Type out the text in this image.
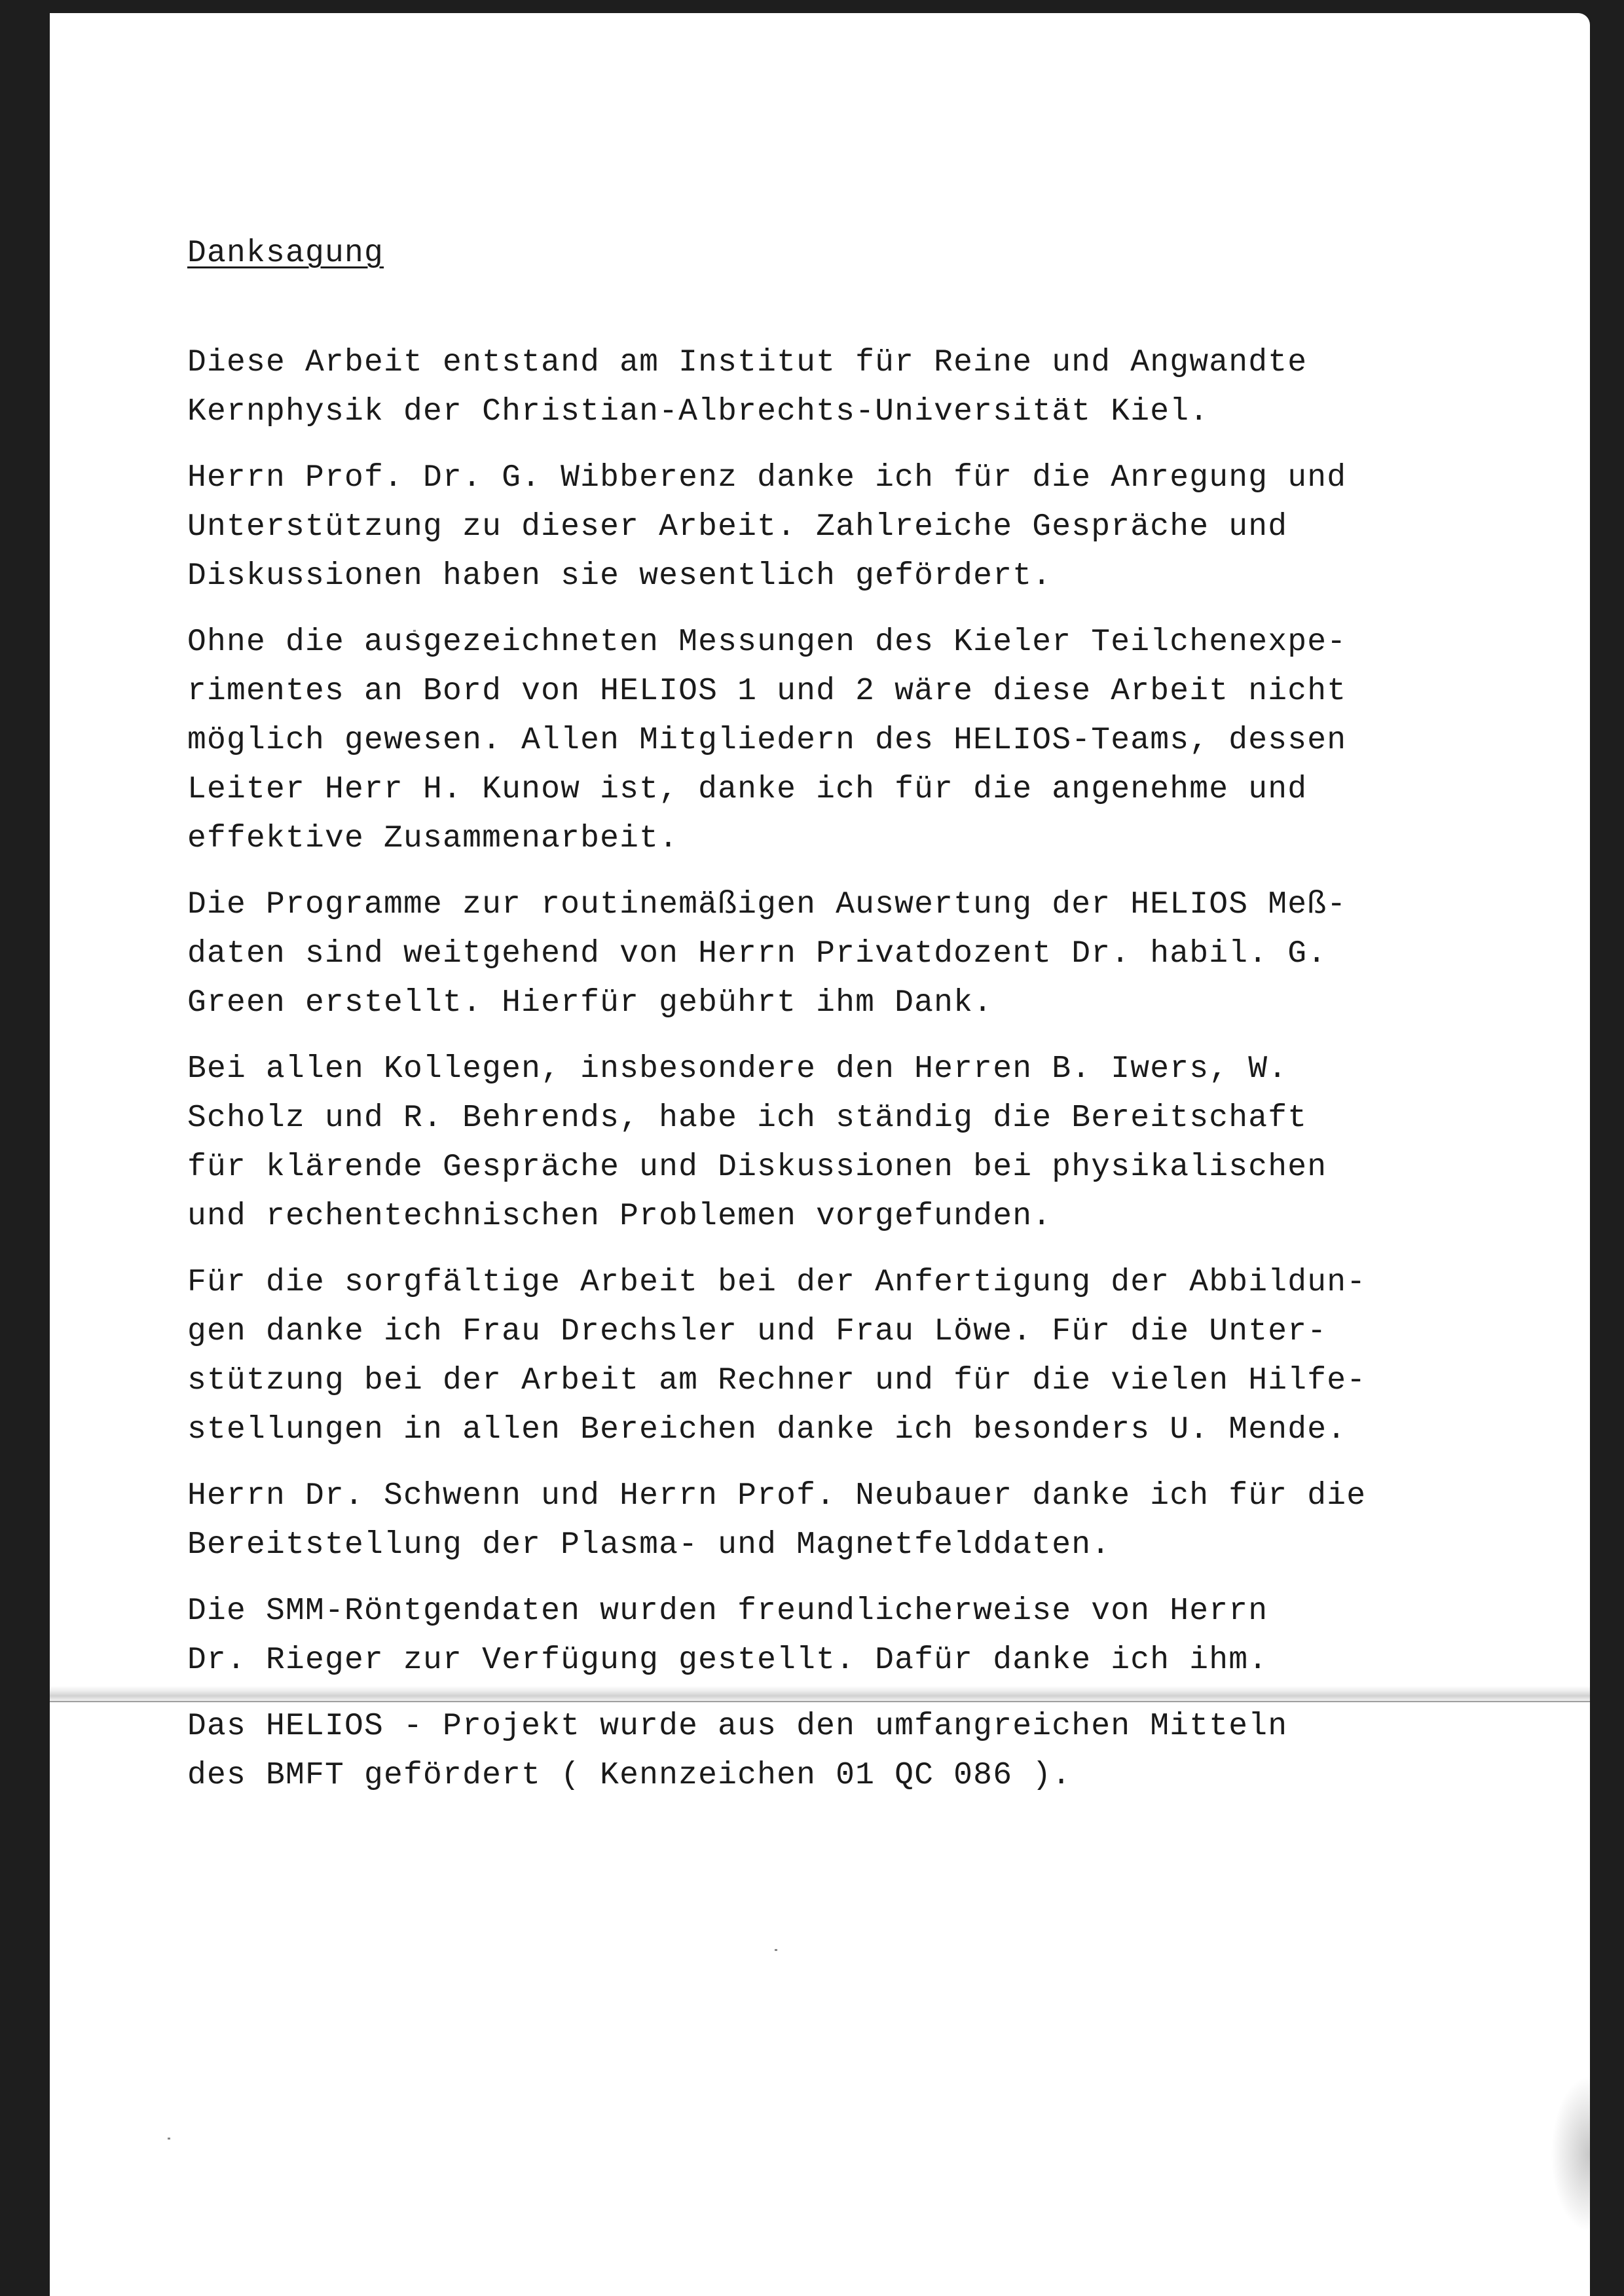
Danksagung
Diese Arbeit entstand am Institut für Reine und Angwandte
Kernphysik der Christian-Albrechts-Universität Kiel.
Herrn Prof. Dr. G. Wibberenz danke ich für die Anregung und
Unterstützung zu dieser Arbeit. Zahlreiche Gespräche und
Diskussionen haben sie wesentlich gefördert.
Ohne die ausgezeichneten Messungen des Kieler Teilchenexpe-
rimentes an Bord von HELIOS 1 und 2 wäre diese Arbeit nicht
möglich gewesen. Allen Mitgliedern des HELIOS-Teams, dessen
Leiter Herr H. Kunow ist, danke ich für die angenehme und
effektive Zusammenarbeit.
Die Programme zur routinemäßigen Auswertung der HELIOS Meß-
daten sind weitgehend von Herrn Privatdozent Dr. habil. G.
Green erstellt. Hierfür gebührt ihm Dank.
Bei allen Kollegen, insbesondere den Herren B. Iwers, W.
Scholz und R. Behrends, habe ich ständig die Bereitschaft
für klärende Gespräche und Diskussionen bei physikalischen
und rechentechnischen Problemen vorgefunden.
Für die sorgfältige Arbeit bei der Anfertigung der Abbildun-
gen danke ich Frau Drechsler und Frau Löwe. Für die Unter-
stützung bei der Arbeit am Rechner und für die vielen Hilfe-
stellungen in allen Bereichen danke ich besonders U. Mende.
Herrn Dr. Schwenn und Herrn Prof. Neubauer danke ich für die
Bereitstellung der Plasma- und Magnetfelddaten.
Die SMM-Röntgendaten wurden freundlicherweise von Herrn
Dr. Rieger zur Verfügung gestellt. Dafür danke ich ihm.
Das HELIOS - Projekt wurde aus den umfangreichen Mitteln
des BMFT gefördert ( Kennzeichen 01 QC 086 ).
